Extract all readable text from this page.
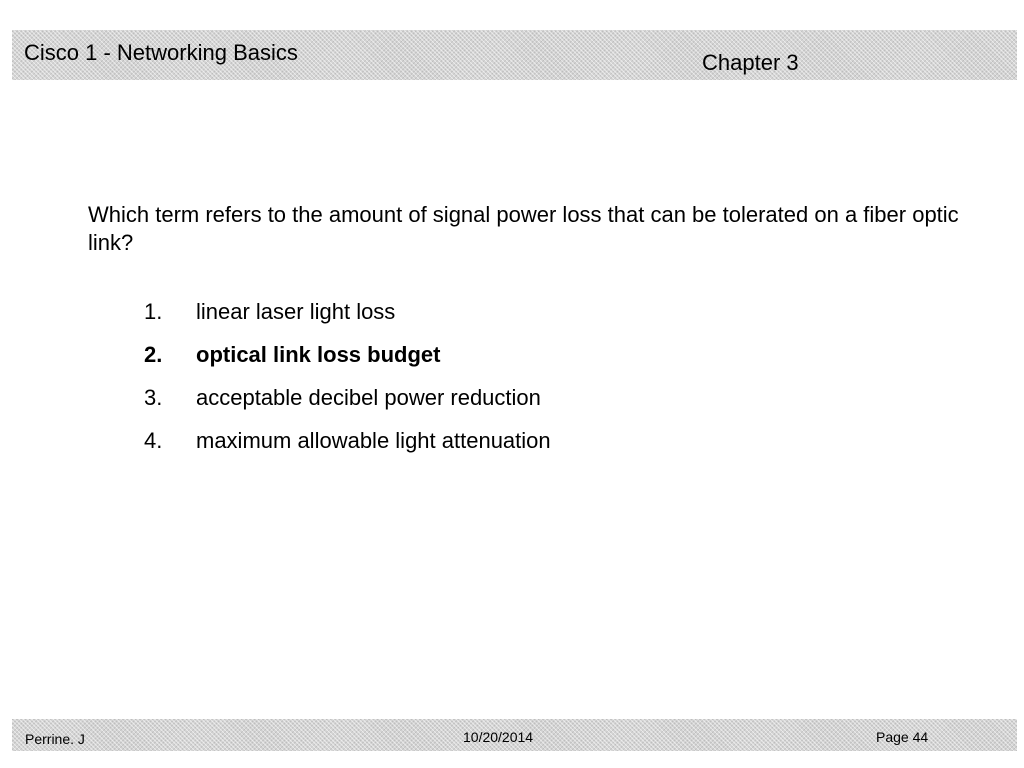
Cisco 1 - Networking Basics	Chapter 3
Which term refers to the amount of signal power loss that can be tolerated on a fiber optic link?
1. linear laser light loss
2. optical link loss budget
3. acceptable decibel power reduction
4. maximum allowable light attenuation
Perrine. J	10/20/2014	Page 44
